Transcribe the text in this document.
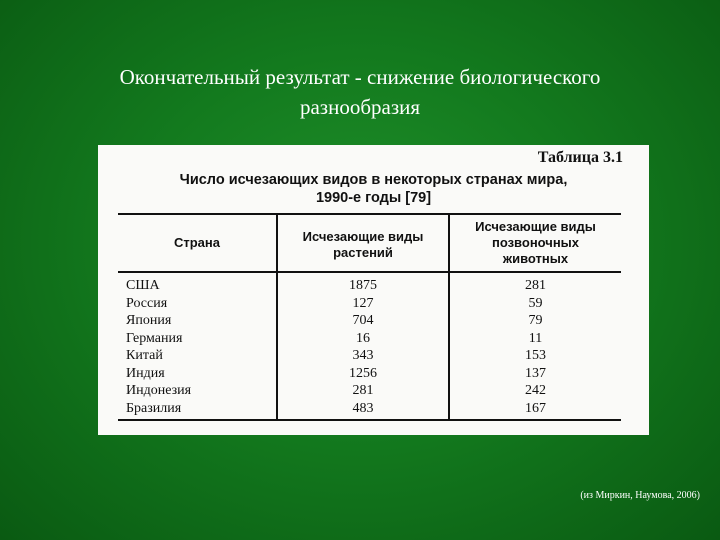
Окончательный результат - снижение биологического
разнообразия
Таблица 3.1
Число исчезающих видов в некоторых странах мира,
1990-е годы [79]
Страна	Исчезающие виды
растений
Исчезающие виды
позвоночных
животных
США
Россия
Япония
Германия
Китай
Индия
Индонезия
Бразилия
1875
127
704
16
343
1256
281
483
281
59
79
11
153
137
242
167
(из Миркин, Наумова, 2006)
